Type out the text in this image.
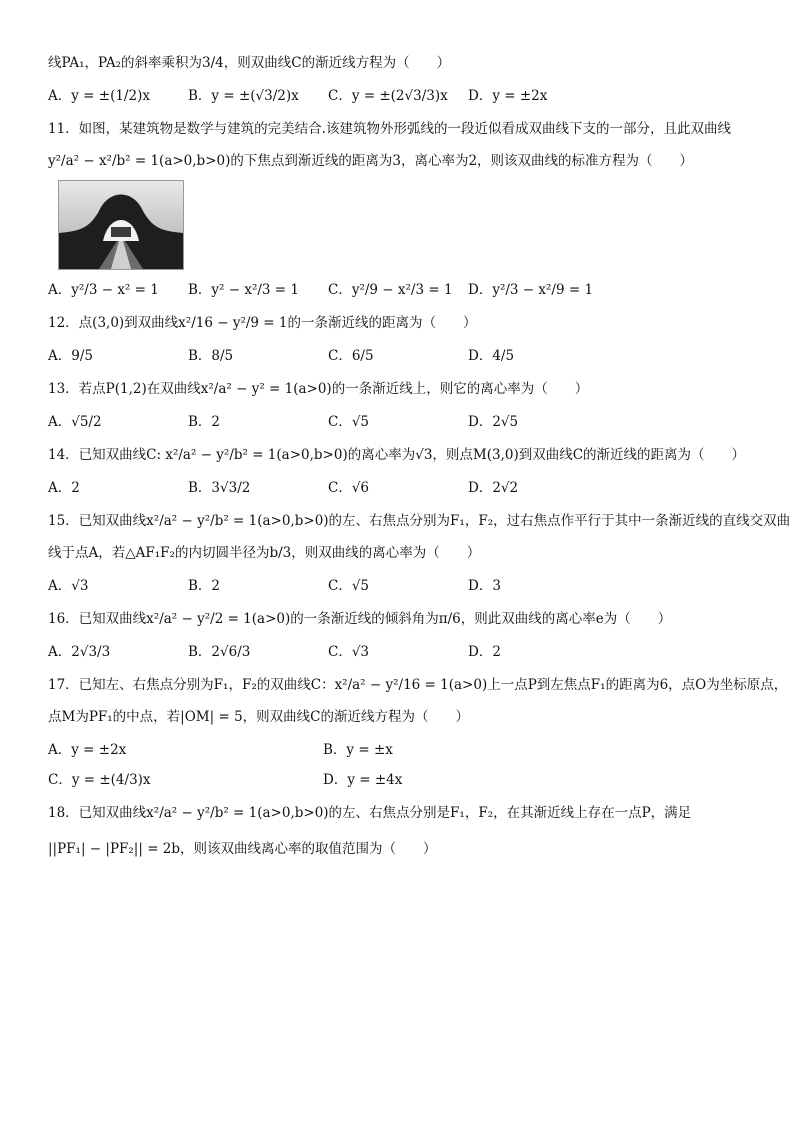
线PA₁，PA₂的斜率乘积为3/4，则双曲线C的渐近线方程为（　　）
A．y = ±(1/2)x	B．y = ±(√3/2)x	C．y = ±(2√3/3)x	D．y = ±2x
11．如图，某建筑物是数学与建筑的完美结合.该建筑物外形弧线的一段近似看成双曲线下支的一部分，且此双曲线
y²/a² − x²/b² = 1(a>0,b>0)的下焦点到渐近线的距离为3，离心率为2，则该双曲线的标准方程为（　　）
A．y²/3 − x² = 1	B．y² − x²/3 = 1	C．y²/9 − x²/3 = 1	D．y²/3 − x²/9 = 1
12．点(3,0)到双曲线x²/16 − y²/9 = 1的一条渐近线的距离为（　　）
A．9/5	B．8/5	C．6/5	D．4/5
13．若点P(1,2)在双曲线x²/a² − y² = 1(a>0)的一条渐近线上，则它的离心率为（　　）
A．√5/2	B．2	C．√5	D．2√5
14．已知双曲线C: x²/a² − y²/b² = 1(a>0,b>0)的离心率为√3，则点M(3,0)到双曲线C的渐近线的距离为（　　）
A．2	B．3√3/2	C．√6	D．2√2
15．已知双曲线x²/a² − y²/b² = 1(a>0,b>0)的左、右焦点分别为F₁，F₂，过右焦点作平行于其中一条渐近线的直线交双曲
线于点A，若△AF₁F₂的内切圆半径为b/3，则双曲线的离心率为（　　）
A．√3	B．2	C．√5	D．3
16．已知双曲线x²/a² − y²/2 = 1(a>0)的一条渐近线的倾斜角为π/6，则此双曲线的离心率e为（　　）
A．2√3/3	B．2√6/3	C．√3	D．2
17．已知左、右焦点分别为F₁，F₂的双曲线C：x²/a² − y²/16 = 1(a>0)上一点P到左焦点F₁的距离为6，点O为坐标原点，
点M为PF₁的中点，若|OM| = 5，则双曲线C的渐近线方程为（　　）
A．y = ±2x	B．y = ±x
C．y = ±(4/3)x	D．y = ±4x
18．已知双曲线x²/a² − y²/b² = 1(a>0,b>0)的左、右焦点分别是F₁，F₂，在其渐近线上存在一点P，满足
||PF₁| − |PF₂|| = 2b，则该双曲线离心率的取值范围为（　　）
